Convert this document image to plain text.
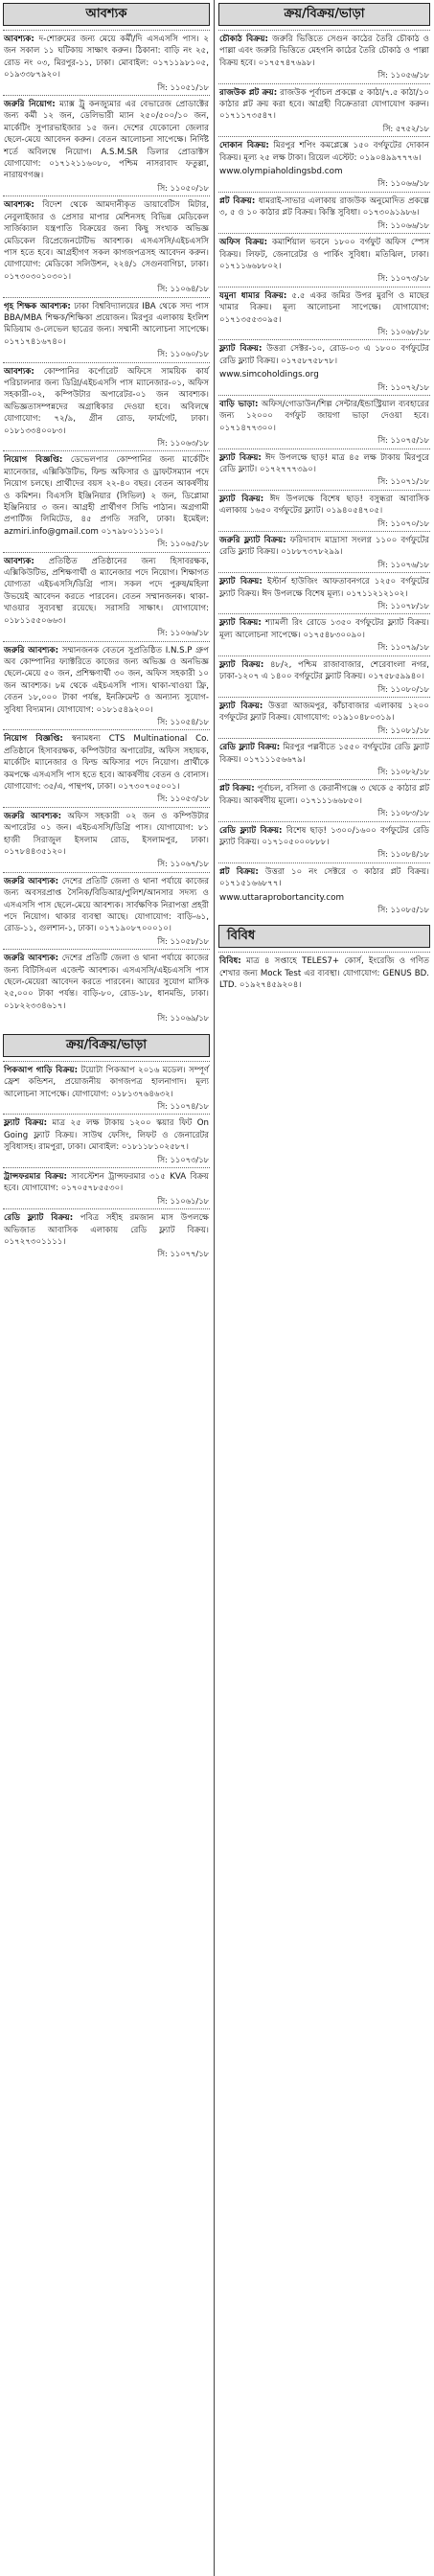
আবশ্যক

আবশ্যক: দ-শোরুমের জন্য মেয়ে কর্মী/দি এসএসসি পাস। ২ জন সকাল ১১ ঘটিকায় সাক্ষাৎ করুন। ঠিকানা: বাড়ি নং ২৫, রোড নং ০৩, মিরপুর-১১, ঢাকা। মোবাইল: ০১৭১১৯৮১০৫, ০১৯৩৩৮৭৯২০।

সি: ১১০৫১/১৮

জরুরি নিয়োগ: ম্যাক্স ট্রু কনজ্যুমার এর বেভারেজ প্রোডাক্টের জন্য কর্মী ১২ জন, ডেলিভারী ম্যান ২৫০/৫০০/১০ জন, মার্কেটিং সুপারভাইজার ১৫ জন। দেশের যেকোনো জেলার ছেলে-মেয়ে আবেদন করুন। বেতন আলোচনা সাপেক্ষে। নির্দিষ্ট শর্তে অবিলম্বে নিয়োগ। A.S.M.SR ডিলার প্রোডাক্টস যোগাযোগ: ০১৭১২১১৬০৮০, পশ্চিম নাসরাবাদ ফতুল্লা, নারায়ণগঞ্জ।

সি: ১১০৫০/১৮

আবশ্যক: বিদেশ থেকে আমদানীকৃত ডায়াবেটিস মিটার, নেবুলাইজার ও প্রেসার মাপার মেশিনসহ বিভিন্ন মেডিকেল সার্জিক্যাল যন্ত্রপাতি বিক্রয়ের জন্য কিছু সংখ্যক অভিজ্ঞ মেডিকেল রিপ্রেজেনটেটিভ আবশ্যক। এসএসসি/এইচএসসি পাস হতে হবে। আগ্রহীগণ সকল কাগজপত্রসহ আবেদন করুন। যোগাযোগ: মেডিকো সলিউশন, ২২৪/১ সেগুনবাগিচা, ঢাকা। ০১৭৩০৩০১০৩০১।

সি: ১১০৬৪/১৮

গৃহ শিক্ষক আবশ্যক: ঢাকা বিশ্ববিদ্যালয়ের IBA থেকে সদ্য পাস BBA/MBA শিক্ষক/শিক্ষিকা প্রয়োজন। মিরপুর এলাকায় ইংলিশ মিডিয়াম ও-লেভেল ছাত্রের জন্য। সম্মানী আলোচনা সাপেক্ষে। ০১৭১৭৪১৬৭৪০।

সি: ১১০৬০/১৮

আবশ্যক: কোম্পানির কর্পোরেট অফিসে সাময়িক কার্য পরিচালনার জন্য ডিগ্রি/এইচএসসি পাস ম্যানেজার-০১, অফিস সহকারী-০২, কম্পিউটার অপারেটর-০১ জন আবশ্যক। অভিজ্ঞতাসম্পন্নদের অগ্রাধিকার দেওয়া হবে। অবিলম্বে যোগাযোগ: ৭২/৯, গ্রীন রোড, ফার্মগেট, ঢাকা। ০১৮১৩৩৪০০৮৩।

সি: ১১০৬৩/১৮

নিয়োগ বিজ্ঞপ্তি: ডেভেলপার কোম্পানির জন্য মার্কেটিং ম্যানেজার, এক্সিকিউটিভ, ফিল্ড অফিসার ও ড্রাফটসম্যান পদে নিয়োগ চলছে। প্রার্থীদের বয়স ২২-৪০ বছর। বেতন আকর্ষণীয় ও কমিশন। বিএসসি ইঞ্জিনিয়ার (সিভিল) ২ জন, ডিপ্লোমা ইঞ্জিনিয়ার ৩ জন। আগ্রহী প্রার্থীগণ সিভি পাঠান। অগ্রগামী প্রপার্টিজ লিমিটেড, ৪৫ প্রগতি সরণি, ঢাকা। ইমেইল: azmiri.info@gmail.com ০১৭৯৮০১১১০১।

সি: ১১০৬৫/১৮

আবশ্যক: প্রতিষ্ঠিত প্রতিষ্ঠানের জন্য হিসাবরক্ষক, এক্সিকিউটিভ, প্রশিক্ষণার্থী ও ম্যানেজার পদে নিয়োগ। শিক্ষাগত যোগ্যতা এইচএসসি/ডিগ্রি পাস। সকল পদে পুরুষ/মহিলা উভয়েই আবেদন করতে পারবেন। বেতন সম্মানজনক। থাকা-খাওয়ার সুব্যবস্থা রয়েছে। সরাসরি সাক্ষাৎ। যোগাযোগ: ০১৮১১৫৫০৬৬৩।

সি: ১১০৬৬/১৮

জরুরি আবশ্যক: সম্মানজনক বেতনে সুপ্রতিষ্ঠিত I.N.S.P গ্রুপ অব কোম্পানির ফ্যাক্টরিতে কাজের জন্য অভিজ্ঞ ও অনভিজ্ঞ ছেলে-মেয়ে ৫০ জন, প্রশিক্ষণার্থী ৩০ জন, অফিস সহকারী ১০ জন আবশ্যক। ৮ম থেকে এইচএসসি পাস। থাকা-খাওয়া ফ্রি, বেতন ১৮,০০০ টাকা পর্যন্ত, ইনক্রিমেন্ট ও অন্যান্য সুযোগ-সুবিধা বিদ্যমান। যোগাযোগ: ০১৮১৫৪৯২০০।

সি: ১১০৫৪/১৮

নিয়োগ বিজ্ঞপ্তি: স্বনামধন্য CTS Multinational Co. প্রতিষ্ঠানে হিসাবরক্ষক, কম্পিউটার অপারেটর, অফিস সহায়ক, মার্কেটিং ম্যানেজার ও ফিল্ড অফিসার পদে নিয়োগ। প্রার্থীকে কমপক্ষে এসএসসি পাস হতে হবে। আকর্ষণীয় বেতন ও বোনাস। যোগাযোগ: ৩৫/এ, পান্থপথ, ঢাকা। ০১৭৩০৭০৫০০১।

সি: ১১০৫৩/১৮

জরুরি আবশ্যক: অফিস সহকারী ০২ জন ও কম্পিউটার অপারেটর ০১ জন। এইচএসসি/ডিগ্রি পাস। যোগাযোগ: ৮১ হাজী সিরাজুল ইসলাম রোড, ইসলামপুর, ঢাকা। ০১৭৮৪৪৩৫১২০।

সি: ১১০৬৭/১৮

জরুরি আবশ্যক: দেশের প্রতিটি জেলা ও থানা পর্যায়ে কাজের জন্য অবসরপ্রাপ্ত সৈনিক/বিডিআর/পুলিশ/আনসার সদস্য ও এসএসসি পাস ছেলে-মেয়ে আবশ্যক। সার্বক্ষণিক নিরাপত্তা প্রহরী পদে নিয়োগ। থাকার ব্যবস্থা আছে। যোগাযোগ: বাড়ি-৬১, রোড-১১, গুলশান-১, ঢাকা। ০১৭১৯০৮৭০০০১০।

সি: ১১০৫৮/১৮

জরুরি আবশ্যক: দেশের প্রতিটি জেলা ও থানা পর্যায়ে কাজের জন্য বিটিসিএল এজেন্ট আবশ্যক। এসএসসি/এইচএসসি পাস ছেলে-মেয়েরা আবেদন করতে পারবেন। আয়ের সুযোগ মাসিক ২৫,০০০ টাকা পর্যন্ত। বাড়ি-৮০, রোড-১৮, ধানমন্ডি, ঢাকা। ০১৮২২৩৩৪৬১৭।

সি: ১১০৬৯/১৮
ক্রয়/বিক্রয়/ভাড়া

পিকআপ গাড়ি বিক্রয়: টয়োটা পিকআপ ২০১৬ মডেল। সম্পূর্ণ ফ্রেশ কন্ডিশন, প্রয়োজনীয় কাগজপত্র হালনাগাদ। মূল্য আলোচনা সাপেক্ষে। যোগাযোগ: ০১৮১৩৭৬৪৬৩২।

সি: ১১০৭৪/১৮

ফ্ল্যাট বিক্রয়: মাত্র ২৫ লক্ষ টাকায় ১২০০ স্কয়ার ফিট On Going ফ্ল্যাট বিক্রয়। সাউথ ফেসিং, লিফট ও জেনারেটর সুবিধাসহ। রামপুরা, ঢাকা। মোবাইল: ০১৮১১৮১০২৫৮৭।

সি: ১১০৭৩/১৮

ট্রান্সফরমার বিক্রয়: সাবস্টেশন ট্রান্সফরমার ৩১৫ KVA বিক্রয় হবে। যোগাযোগ: ০১৭০৫৭৮৫৫৩০।

সি: ১১০৬১/১৮

রেডি ফ্ল্যাট বিক্রয়: পবিত্র সহীহ রমজান মাস উপলক্ষে অভিজাত আবাসিক এলাকায় রেডি ফ্ল্যাট বিক্রয়। ০১৭২৭৩০১১১১।

সি: ১১০৭৭/১৮
ক্রয়/বিক্রয়/ভাড়া

চৌকাঠ বিক্রয়: জরুরি ভিত্তিতে সেগুন কাঠের তৈরি চৌকাঠ ও পাল্লা এবং জরুরি ভিত্তিতে মেহগনি কাঠের তৈরি চৌকাঠ ও পাল্লা বিক্রয় হবে। ০১৭৫৭৪৭৬৯৮।

সি: ১১০৫৬/১৮

রাজউক প্লট ক্রয়: রাজউক পূর্বাচল প্রকল্পে ৫ কাঠা/৭.৫ কাঠা/১০ কাঠার প্লট ক্রয় করা হবে। আগ্রহী বিক্রেতারা যোগাযোগ করুন। ০১৭১১৭৩৫৪৭।

সি: ৫৭৫২/১৮

দোকান বিক্রয়: মিরপুর শপিং কমপ্লেক্সে ১৫০ বর্গফুটের দোকান বিক্রয়। মূল্য ২৫ লক্ষ টাকা। রিয়েল এস্টেট: ০১৯০৪৯৯৭৭৭৬।

www.olympiaholdingsbd.com
সি: ১১০৬৬/১৮

প্লট বিক্রয়: ধামরাই-সাভার এলাকায় রাজউক অনুমোদিত প্রকল্পে ৩, ৫ ও ১০ কাঠার প্লট বিক্রয়। কিস্তি সুবিধা। ০১৭৩০৯১৯৮৬।

সি: ১১০৬৬/১৮

অফিস বিক্রয়: কমার্শিয়াল ভবনে ১৮০০ বর্গফুট অফিস স্পেস বিক্রয়। লিফট, জেনারেটর ও পার্কিং সুবিধা। মতিঝিল, ঢাকা। ০১৭১১৬৬৮৮০২।

সি: ১১০৭৩/১৮

যমুনা ধামার বিক্রয়: ৫.৫ একর জমির উপর মুরগি ও মাছের খামার বিক্রয়। মূল্য আলোচনা সাপেক্ষে। যোগাযোগ: ০১৭১৩৫৫৩০৯৫।

সি: ১১০৬৮/১৮

ফ্ল্যাট বিক্রয়: উত্তরা সেক্টর-১০, রোড-০৩ এ ১৮০০ বর্গফুটের রেডি ফ্ল্যাট বিক্রয়। ০১৭৫৮৭৫৮৭৮।

www.simcoholdings.org
সি: ১১০৭২/১৮

বাড়ি ভাড়া: অফিস/গোডাউন/শিল্প সেন্টার/ইন্ডাস্ট্রিয়াল ব্যবহারের জন্য ১২০০০ বর্গফুট জায়গা ভাড়া দেওয়া হবে। ০১৭১৪৭৭৩০০।

সি: ১১০৭৫/১৮

ফ্ল্যাট বিক্রয়: ঈদ উপলক্ষে ছাড়! মাত্র ৪৫ লক্ষ টাকায় মিরপুরে রেডি ফ্ল্যাট। ০১৭২৭৭৭৩৯০।

সি: ১১০৭১/১৮

ফ্ল্যাট বিক্রয়: ঈদ উপলক্ষে বিশেষ ছাড়! বসুন্ধরা আবাসিক এলাকায় ১৬৫০ বর্গফুটের ফ্ল্যাট। ০১৯৪০৫৪৭০৫।

সি: ১১০৭০/১৮

জরুরি ফ্ল্যাট বিক্রয়: ফরিদাবাদ মাদ্রাসা সংলগ্ন ১১০০ বর্গফুটের রেডি ফ্ল্যাট বিক্রয়। ০১৮৮৭৩৭৮২৯৯।

সি: ১১০৭৬/১৮

ফ্ল্যাট বিক্রয়: ইস্টার্ন হাউজিং আফতাবনগরে ১২৫০ বর্গফুটের ফ্ল্যাট বিক্রয়। ঈদ উপলক্ষে বিশেষ মূল্য। ০১৭১১২১২১০২।

সি: ১১০৭৮/১৮

ফ্ল্যাট বিক্রয়: শ্যামলী রিং রোডে ১৩৫০ বর্গফুটের ফ্ল্যাট বিক্রয়। মূল্য আলোচনা সাপেক্ষে। ০১৭৫৪৮৩০০৯০।

সি: ১১০৭৯/১৮

ফ্ল্যাট বিক্রয়: ৪৮/২, পশ্চিম রাজাবাজার, শেরেবাংলা নগর, ঢাকা-১২০৭ এ ১৪০০ বর্গফুটের ফ্ল্যাট বিক্রয়। ০১৭৫৮৫৯৯৪০।

সি: ১১০৮০/১৮

ফ্ল্যাট বিক্রয়: উত্তরা আজমপুর, কাঁচাবাজার এলাকায় ১২০০ বর্গফুটের ফ্ল্যাট বিক্রয়। যোগাযোগ: ০১৯১০৪৮০৩১৯।

সি: ১১০৮১/১৮

রেডি ফ্ল্যাট বিক্রয়: মিরপুর পল্লবীতে ১৫৫০ বর্গফুটের রেডি ফ্ল্যাট বিক্রয়। ০১৭১১১৫৬৬৭৯।

সি: ১১০৮২/১৮

প্লট বিক্রয়: পূর্বাচল, বসিলা ও কেরানীগঞ্জে ৩ থেকে ৫ কাঠার প্লট বিক্রয়। আকর্ষণীয় মূল্যে। ০১৭১১১৬৬৮৫০।

সি: ১১০৮৩/১৮

রেডি ফ্ল্যাট বিক্রয়: বিশেষ ছাড়! ১৩০০/১৬০০ বর্গফুটের রেডি ফ্ল্যাট বিক্রয়। ০১৭১০৫০০০৮৮৮।

সি: ১১০৮৪/১৮

প্লট বিক্রয়: উত্তরা ১০ নং সেক্টরে ৩ কাঠার প্লট বিক্রয়। ০১৭১৫১৬৬৮৭৭।

www.uttaraprobortancity.com
সি: ১১০৮৫/১৮
বিবিধ

বিবিধ: মাত্র ৪ সপ্তাহে TELES7+ কোর্স, ইংরেজি ও গণিত শেখার জন্য Mock Test এর ব্যবস্থা। যোগাযোগ: GENUS BD. LTD. ০১৯২৭৪৫৯২০৪।
